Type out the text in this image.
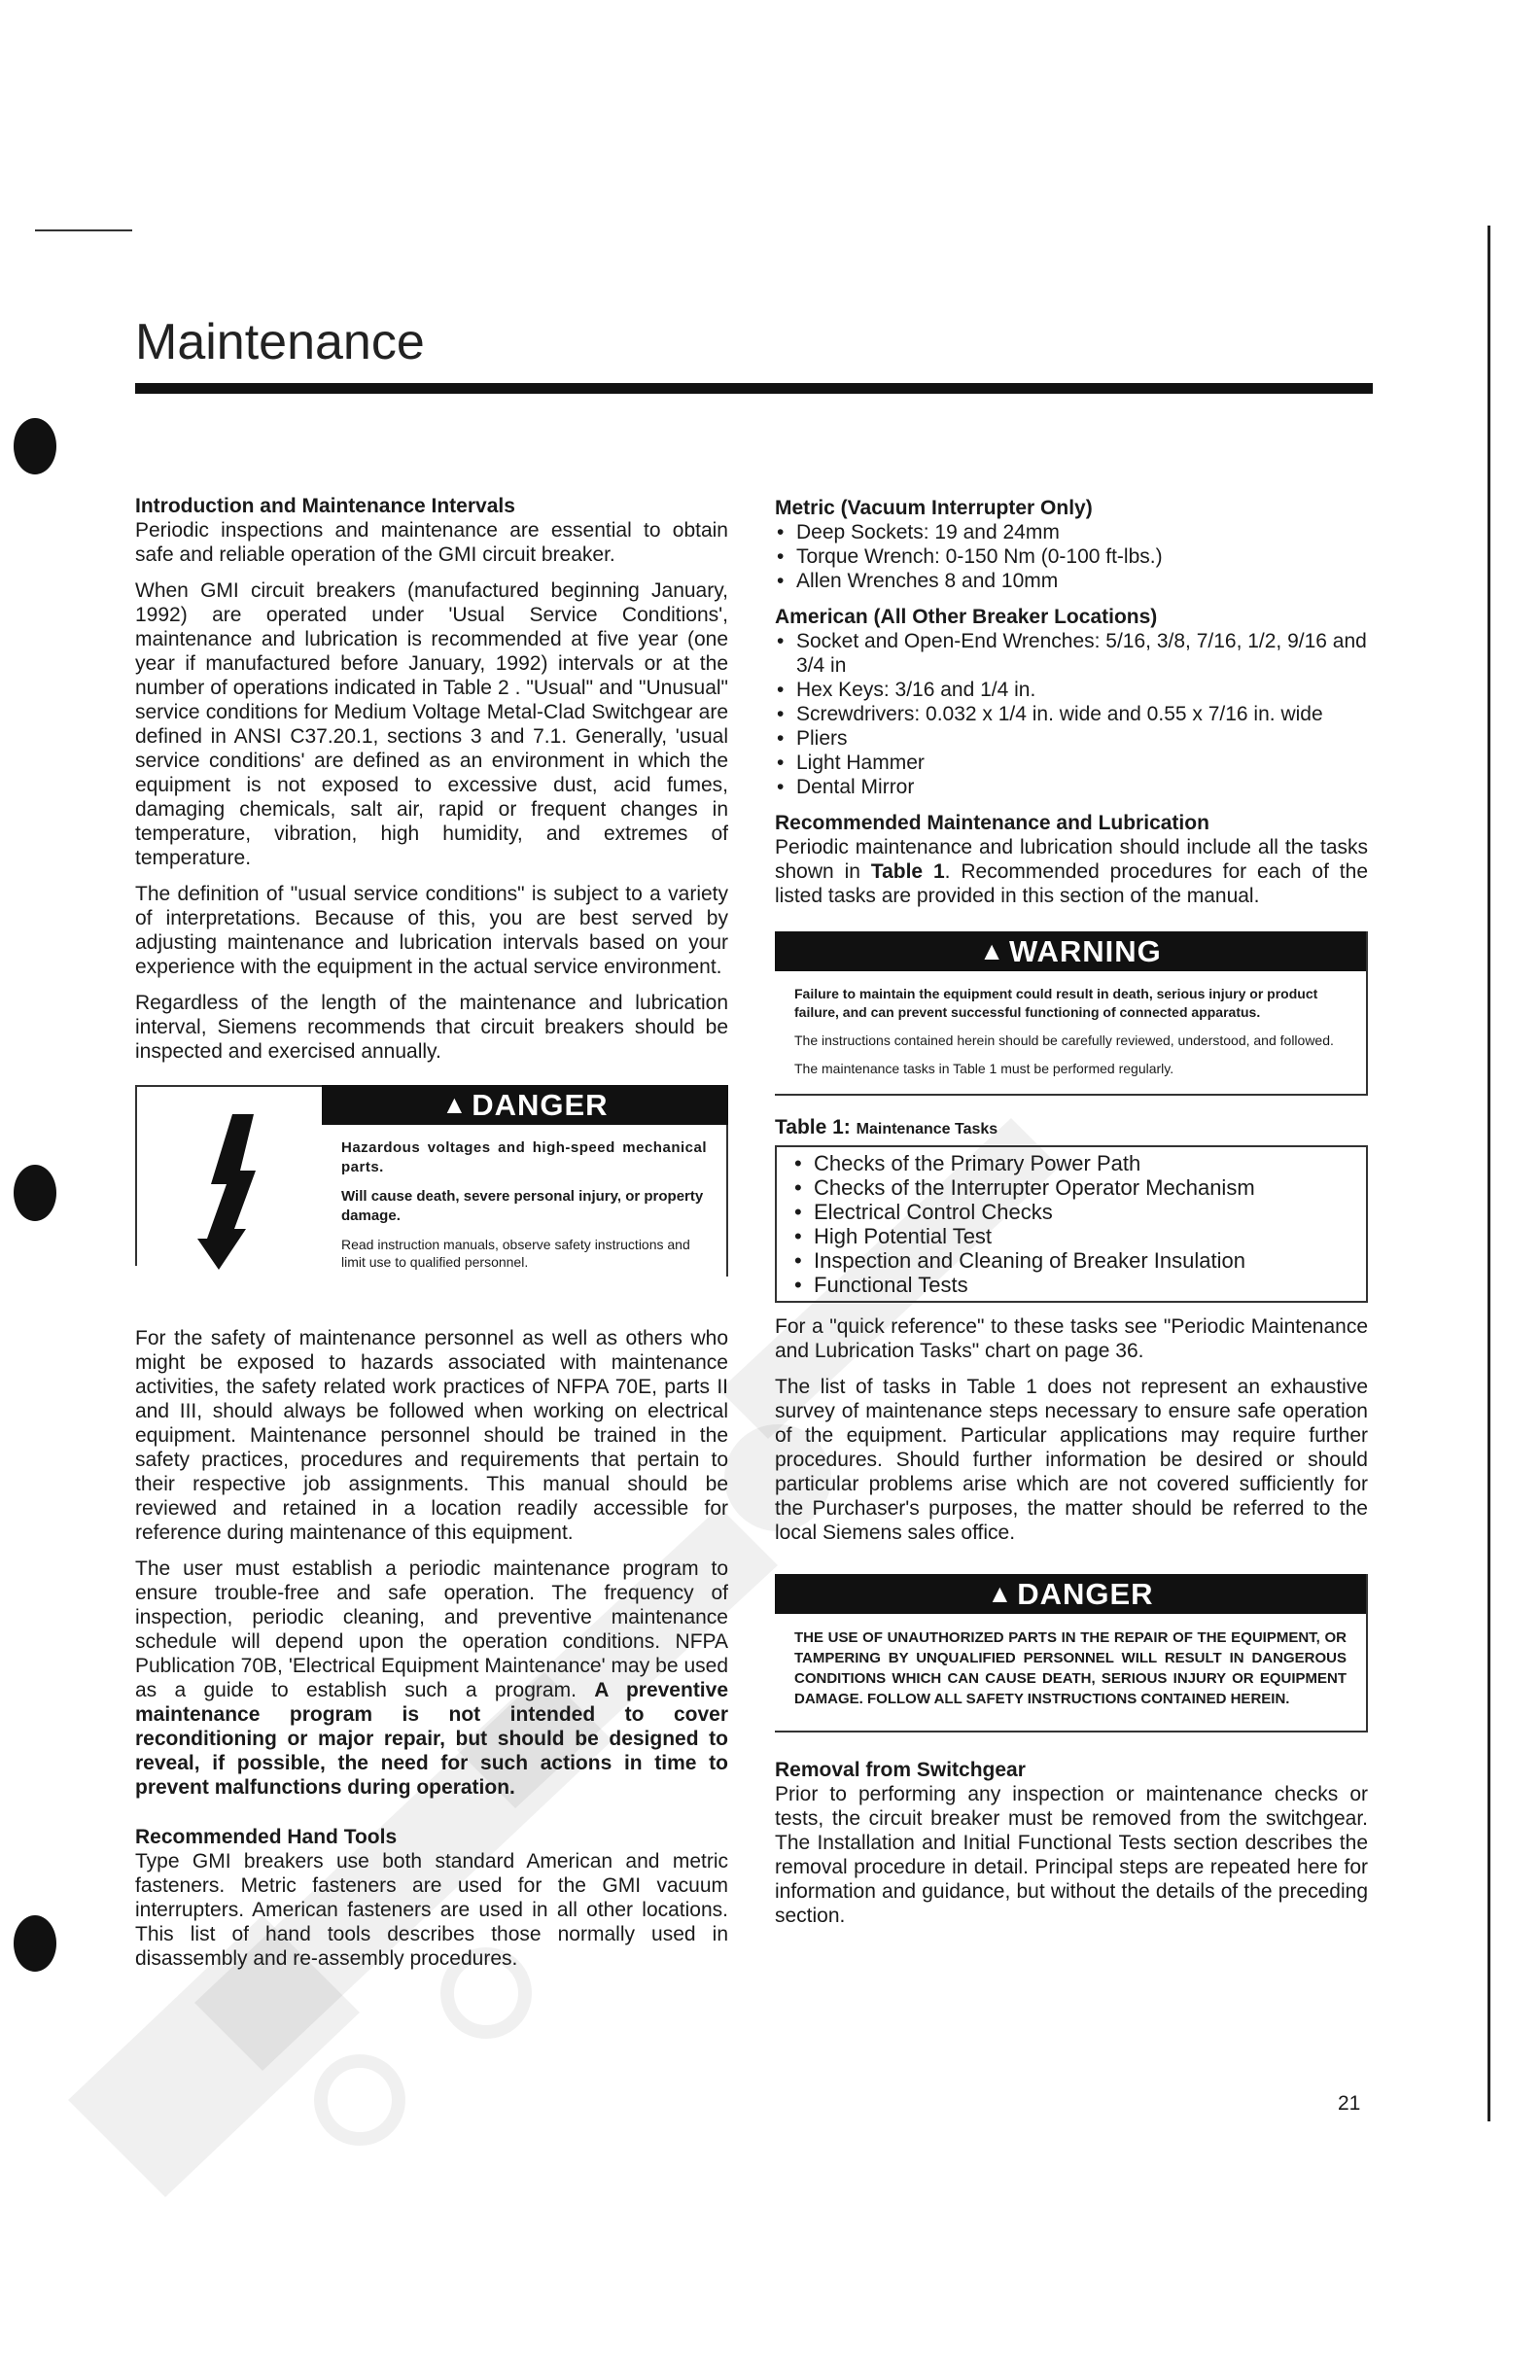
Maintenance
Introduction and Maintenance Intervals

Periodic inspections and maintenance are essential to obtain safe and reliable operation of the GMI circuit breaker.

When GMI circuit breakers (manufactured beginning January, 1992) are operated under 'Usual Service Conditions', maintenance and lubrication is recommended at five year (one year if manufactured before January, 1992) intervals or at the number of operations indicated in Table 2 . "Usual" and "Unusual" service conditions for Medium Voltage Metal-Clad Switchgear are defined in ANSI C37.20.1, sections 3 and 7.1. Generally, 'usual service conditions' are defined as an environment in which the equipment is not exposed to excessive dust, acid fumes, damaging chemicals, salt air, rapid or frequent changes in temperature, vibration, high humidity, and extremes of temperature.

The definition of "usual service conditions" is subject to a variety of interpretations. Because of this, you are best served by adjusting maintenance and lubrication intervals based on your experience with the equipment in the actual service environment.

Regardless of the length of the maintenance and lubrication interval, Siemens recommends that circuit breakers should be inspected and exercised annually.

▲ DANGER

Hazardous voltages and high-speed mechanical parts.

Will cause death, severe personal injury, or property damage.

Read instruction manuals, observe safety instructions and limit use to qualified personnel.

For the safety of maintenance personnel as well as others who might be exposed to hazards associated with maintenance activities, the safety related work practices of NFPA 70E, parts II and III, should always be followed when working on electrical equipment. Maintenance personnel should be trained in the safety practices, procedures and requirements that pertain to their respective job assignments. This manual should be reviewed and retained in a location readily accessible for reference during maintenance of this equipment.

The user must establish a periodic maintenance program to ensure trouble-free and safe operation. The frequency of inspection, periodic cleaning, and preventive maintenance schedule will depend upon the operation conditions. NFPA Publication 70B, 'Electrical Equipment Maintenance' may be used as a guide to establish such a program. A preventive maintenance program is not intended to cover reconditioning or major repair, but should be designed to reveal, if possible, the need for such actions in time to prevent malfunctions during operation.

Recommended Hand Tools

Type GMI breakers use both standard American and metric fasteners. Metric fasteners are used for the GMI vacuum interrupters. American fasteners are used in all other locations. This list of hand tools describes those normally used in disassembly and re-assembly procedures.

Metric (Vacuum Interrupter Only)
• Deep Sockets: 19 and 24mm
• Torque Wrench: 0-150 Nm (0-100 ft-lbs.)
• Allen Wrenches 8 and 10mm
American (All Other Breaker Locations)
• Socket and Open-End Wrenches: 5/16, 3/8, 7/16, 1/2, 9/16 and 3/4 in
• Hex Keys: 3/16 and 1/4 in.
• Screwdrivers: 0.032 x 1/4 in. wide and 0.55 x 7/16 in. wide
• Pliers
• Light Hammer
• Dental Mirror
Recommended Maintenance and Lubrication

Periodic maintenance and lubrication should include all the tasks shown in Table 1. Recommended procedures for each of the listed tasks are provided in this section of the manual.

▲ WARNING

Failure to maintain the equipment could result in death, serious injury or product failure, and can prevent successful functioning of connected apparatus.

The instructions contained herein should be carefully reviewed, understood, and followed.

The maintenance tasks in Table 1 must be performed regularly.

Table 1: Maintenance Tasks
• Checks of the Primary Power Path
• Checks of the Interrupter Operator Mechanism
• Electrical Control Checks
• High Potential Test
• Inspection and Cleaning of Breaker Insulation
• Functional Tests

For a "quick reference" to these tasks see "Periodic Maintenance and Lubrication Tasks" chart on page 36.

The list of tasks in Table 1 does not represent an exhaustive survey of maintenance steps necessary to ensure safe operation of the equipment. Particular applications may require further procedures. Should further information be desired or should particular problems arise which are not covered sufficiently for the Purchaser's purposes, the matter should be referred to the local Siemens sales office.

▲ DANGER

THE USE OF UNAUTHORIZED PARTS IN THE REPAIR OF THE EQUIPMENT, OR TAMPERING BY UNQUALIFIED PERSONNEL WILL RESULT IN DANGEROUS CONDITIONS WHICH CAN CAUSE DEATH, SERIOUS INJURY OR EQUIPMENT DAMAGE. FOLLOW ALL SAFETY INSTRUCTIONS CONTAINED HEREIN.

Removal from Switchgear

Prior to performing any inspection or maintenance checks or tests, the circuit breaker must be removed from the switchgear. The Installation and Initial Functional Tests section describes the removal procedure in detail. Principal steps are repeated here for information and guidance, but without the details of the preceding section.

21
